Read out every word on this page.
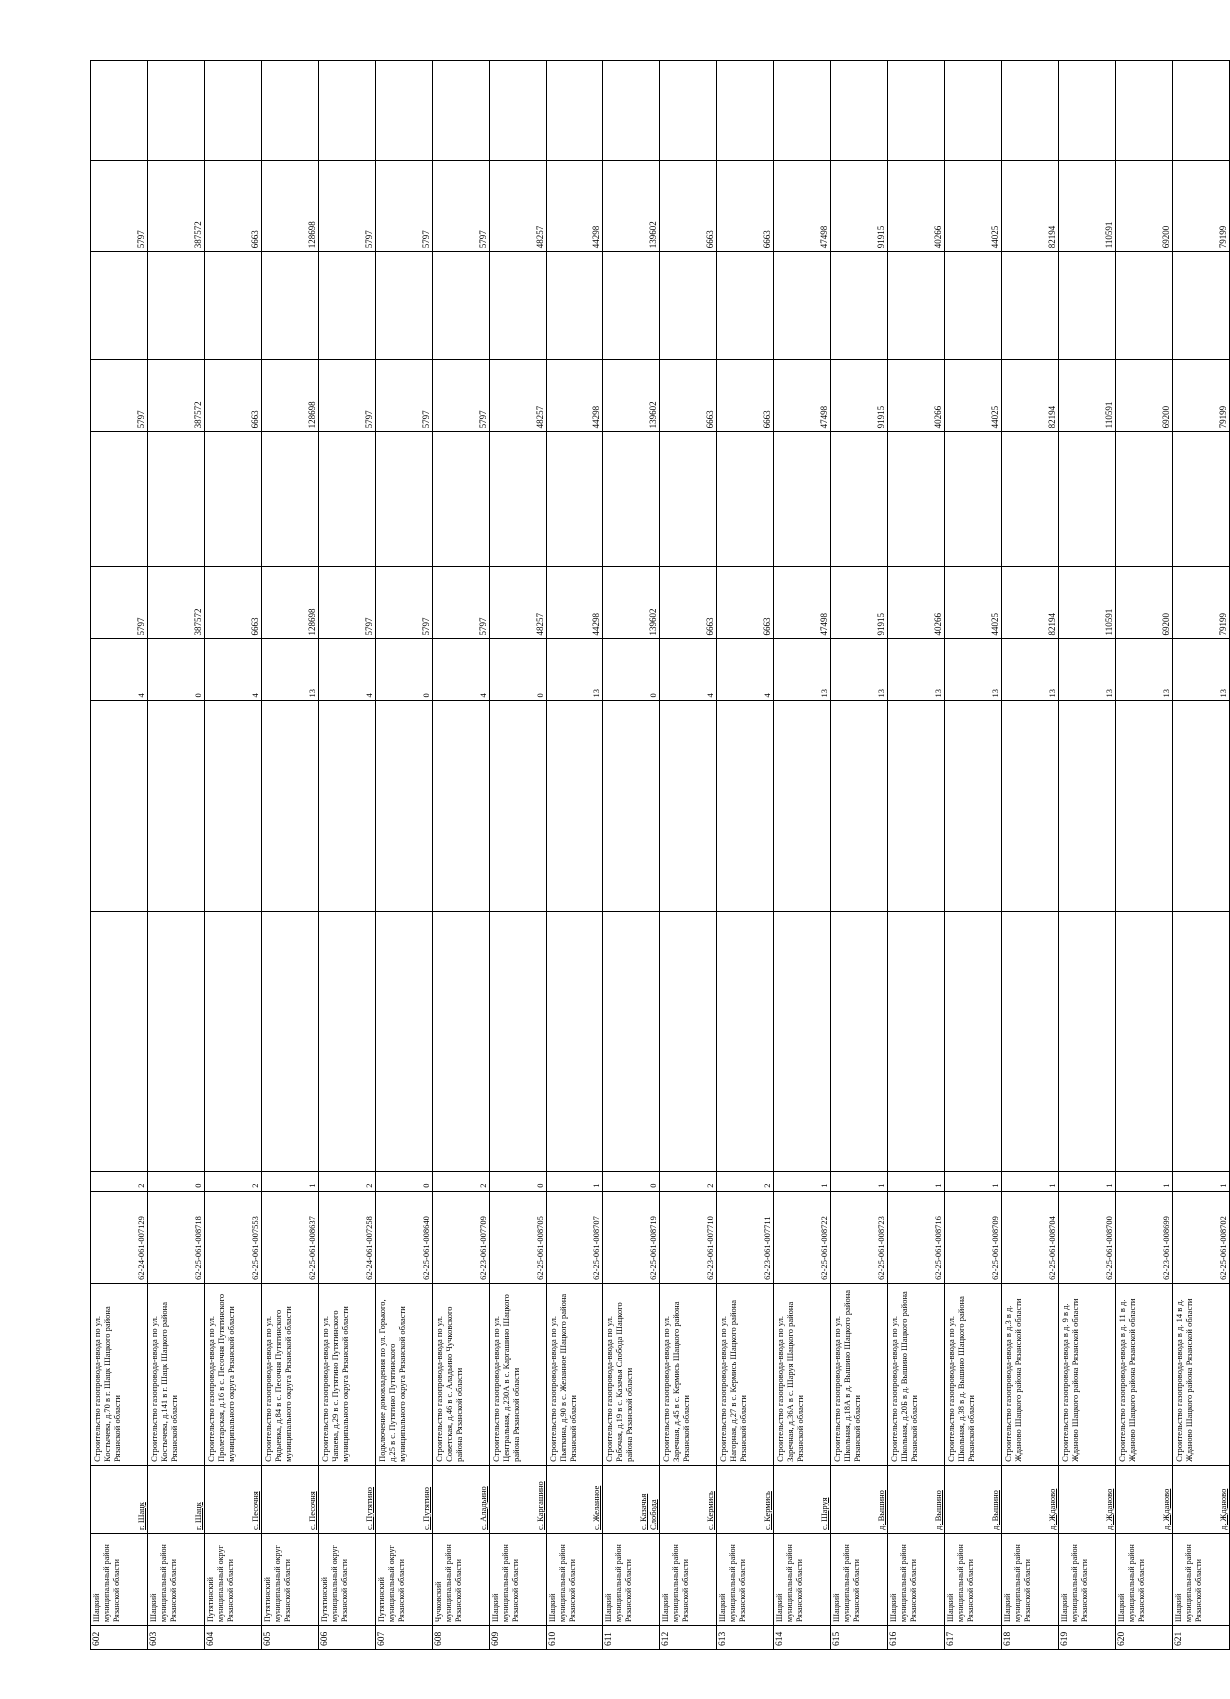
602	Шацкий муниципальный район Рязанской области	г. Шацк	Строительство газопровода-ввода по ул. Костычева, д.70 в г. Шацк Шацкого района Рязанской области	62-24-061-007129	2			4	5797		5797		5797	
603	Шацкий муниципальный район Рязанской области	г. Шацк	Строительство газопровода-ввода по ул. Костычева, д.141 в г. Шацк Шацкого района Рязанской области	62-25-061-008718	0			0	387572		387572		387572	
604	Путятинский муниципальный округ Рязанской области	с. Песочня	Строительство газопровода-ввода по ул. Пролетарская, д.16 в с. Песочня Путятинского муниципального округа Рязанской области	62-25-061-007553	2			4	6663		6663		6663	
605	Путятинский муниципальный округ Рязанской области	с. Песочня	Строительство газопровода-ввода по ул. Рядыевка, д.84 в с. Песочня Путятинского муниципального округа Рязанской области	62-25-061-008637	1			13	128698		128698		128698	
606	Путятинский муниципальный округ Рязанской области	с. Путятино	Строительство газопровода-ввода по ул. Чапаева, д.29 в с. Путятино Путятинского муниципального округа Рязанской области	62-24-061-007258	2			4	5797		5797		5797	
607	Путятинский муниципальный округ Рязанской области	с. Путятино	Подключение домовладения по ул. Горького, д.25 в с. Путятино Путятинского муниципального округа Рязанской области	62-25-061-008640	0			0	5797		5797		5797	
608	Чучковский муниципальный район Рязанской области	с. Аладьино	Строительство газопровода-ввода по ул. Советская, д.46 в с. Аладьино Чучковского района Рязанской области	62-23-061-007709	2			4	5797		5797		5797	
609	Шацкий муниципальный район Рязанской области	с. Каргашино	Строительство газопровода-ввода по ул. Центральная, д.230А в с. Каргашино Шацкого района Рязанской области	62-25-061-008705	0			0	48257		48257		48257	
610	Шацкий муниципальный район Рязанской области	с. Желанное	Строительство газопровода-ввода по ул. Пьяткина, д.90 в с. Желанное Шацкого района Рязанской области	62-25-061-008707	1			13	44298		44298		44298	
611	Шацкий муниципальный район Рязанской области	с. Казачья Слобода	Строительство газопровода-ввода по ул. Рабочая, д.19 в с. Казачья Слобода Шацкого района Рязанской области	62-25-061-008719	0			0	139602		139602		139602	
612	Шацкий муниципальный район Рязанской области	с. Кермись	Строительство газопровода-ввода по ул. Заречная, д.45 в с. Кермись Шацкого района Рязанской области	62-23-061-007710	2			4	6663		6663		6663	
613	Шацкий муниципальный район Рязанской области	с. Кермись	Строительство газопровода-ввода по ул. Нагорная, д.27 в с. Кермись Шацкого района Рязанской области	62-23-061-007711	2			4	6663		6663		6663	
614	Шацкий муниципальный район Рязанской области	с. Шаруя	Строительство газопровода-ввода по ул. Заречная, д.36А в с. Шаруя Шацкого района Рязанской области	62-25-061-008722	1			13	47498		47498		47498	
615	Шацкий муниципальный район Рязанской области	д. Вышино	Строительство газопровода-ввода по ул. Школьная, д.18А в д. Вышино Шацкого района Рязанской области	62-25-061-008723	1			13	91915		91915		91915	
616	Шацкий муниципальный район Рязанской области	д. Вышино	Строительство газопровода-ввода по ул. Школьная, д.20Б в д. Вышино Шацкого района Рязанской области	62-25-061-008716	1			13	40266		40266		40266	
617	Шацкий муниципальный район Рязанской области	д. Вышино	Строительство газопровода-ввода по ул. Школьная, д.38 в д. Вышино Шацкого района Рязанской области	62-25-061-008709	1			13	44025		44025		44025	
618	Шацкий муниципальный район Рязанской области	д. Жданово	Строительство газопровода-ввода в д.3 в д. Жданово Шацкого района Рязанской области	62-25-061-008704	1			13	82194		82194		82194	
619	Шацкий муниципальный район Рязанской области	д. Жданово	Строительство газопровода-ввода в д. 9 в д. Жданово Шацкого района Рязанской области	62-25-061-008700	1			13	110591		110591		110591	
620	Шацкий муниципальный район Рязанской области	д. Жданово	Строительство газопровода-ввода в д. 11 в д. Жданово Шацкого района Рязанской области	62-23-061-008699	1			13	69200		69200		69200	
621	Шацкий муниципальный район Рязанской области	д. Жданово	Строительство газопровода-ввода в д. 14 в д. Жданово Шацкого района Рязанской области	62-25-061-008702	1			13	79199		79199		79199	
